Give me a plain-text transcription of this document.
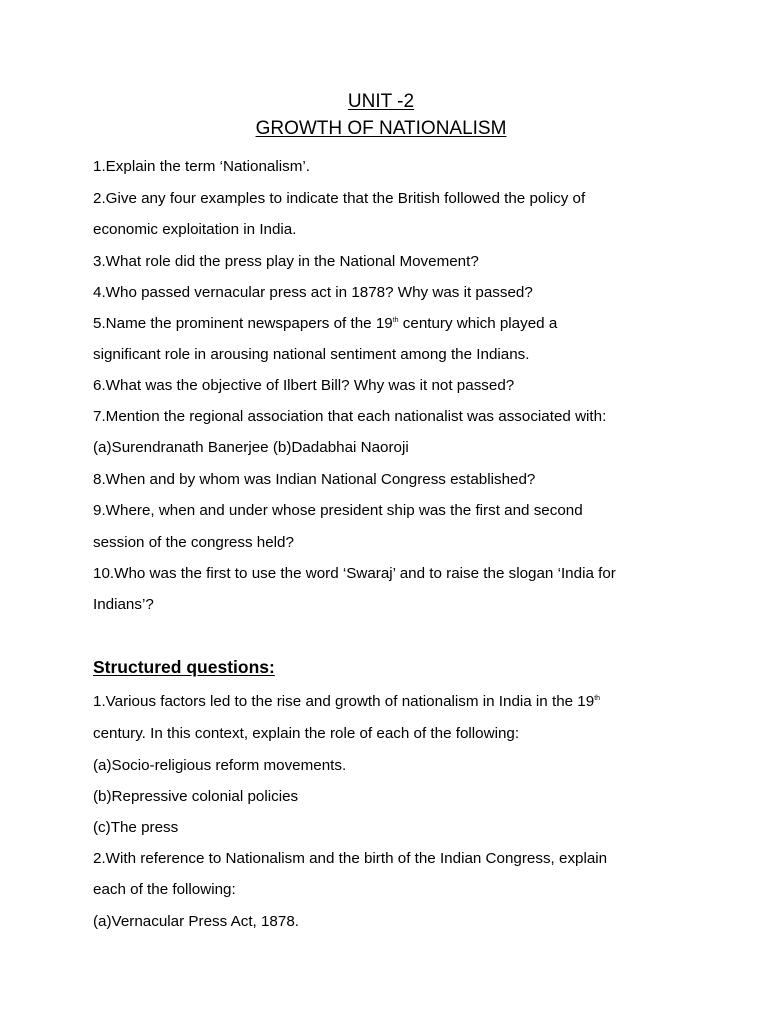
UNIT -2
GROWTH OF NATIONALISM
1.Explain the term ‘Nationalism’.
2.Give any four examples to indicate that the British followed the policy of
economic exploitation in India.
3.What role did the press play in the National Movement?
4.Who passed vernacular press act in 1878? Why was it passed?
5.Name the prominent newspapers of the 19th century which played a
significant role in arousing national sentiment among the Indians.
6.What was the objective of Ilbert Bill? Why was it not passed?
7.Mention the regional association that each nationalist was associated with:
(a)Surendranath Banerjee (b)Dadabhai Naoroji
8.When and by whom was Indian National Congress established?
9.Where, when and under whose president ship was the first and second
session of the congress held?
10.Who was the first to use the word ‘Swaraj’ and to raise the slogan ‘India for
Indians’?
Structured questions:
1.Various factors led to the rise and growth of nationalism in India in the 19th
century. In this context, explain the role of each of the following:
(a)Socio-religious reform movements.
(b)Repressive colonial policies
(c)The press
2.With reference to Nationalism and the birth of the Indian Congress, explain
each of the following:
(a)Vernacular Press Act, 1878.
